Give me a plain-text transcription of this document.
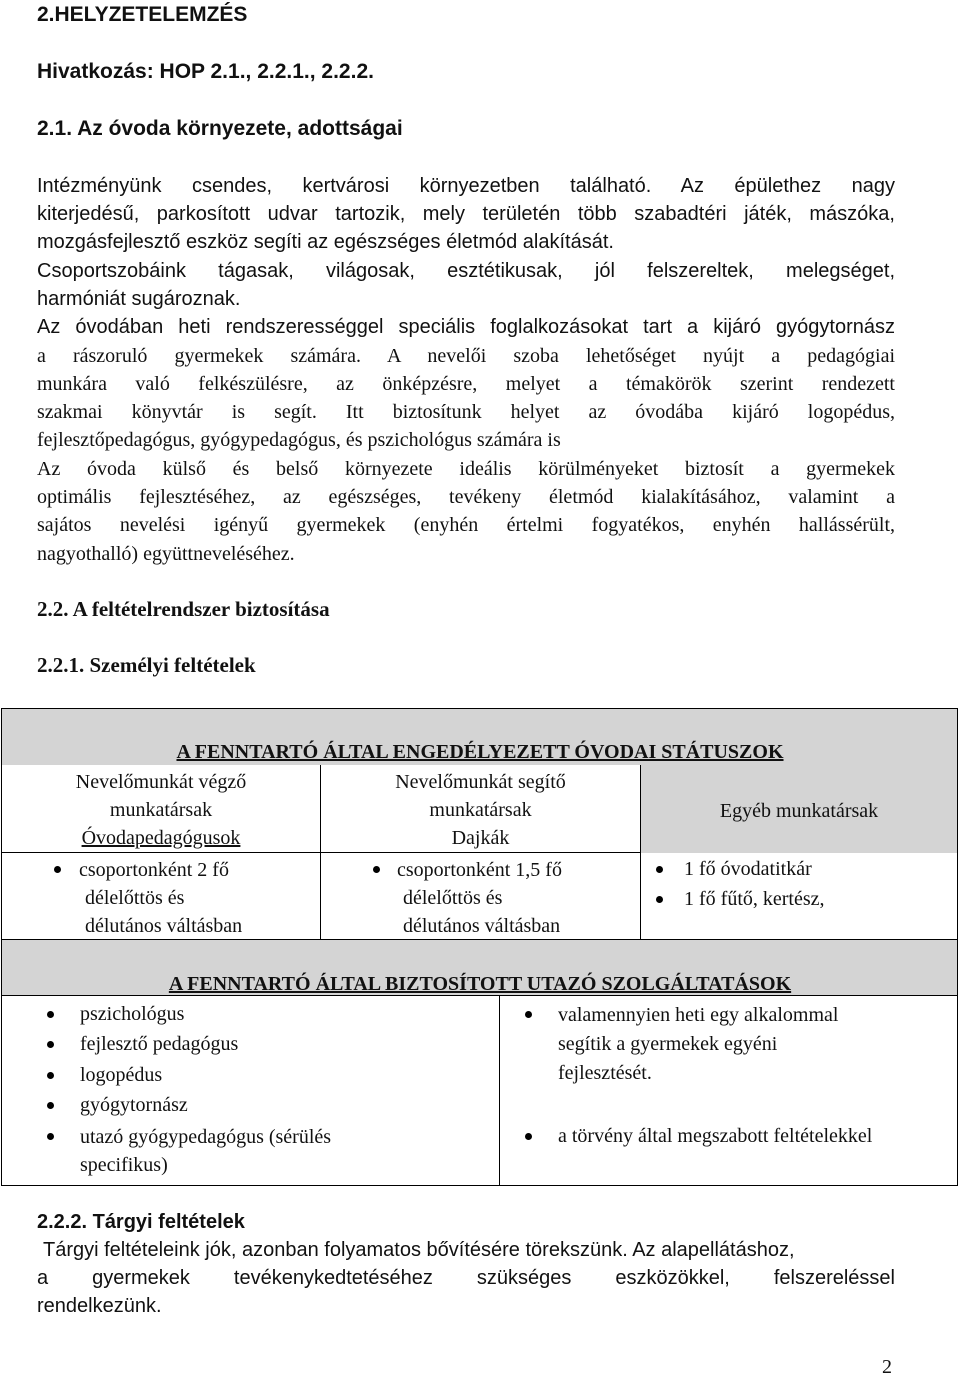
2.HELYZETELEMZÉS
Hivatkozás: HOP 2.1., 2.2.1., 2.2.2.
2.1. Az óvoda környezete, adottságai
Intézményünk csendes, kertvárosi környezetben található. Az épülethez nagy
kiterjedésű, parkosított udvar tartozik, mely területén több szabadtéri játék, mászóka,
mozgásfejlesztő eszköz segíti az egészséges életmód alakítását.
Csoportszobáink tágasak, világosak, esztétikusak, jól felszereltek, melegséget,
harmóniát sugároznak.
Az óvodában heti rendszerességgel speciális foglalkozásokat tart a kijáró gyógytornász
a rászoruló gyermekek számára. A nevelői szoba lehetőséget nyújt a pedagógiai
munkára való felkészülésre, az önképzésre, melyet a témakörök szerint rendezett
szakmai könyvtár is segít. Itt biztosítunk helyet az óvodába kijáró logopédus,
fejlesztőpedagógus, gyógypedagógus, és pszichológus számára is
Az óvoda külső és belső környezete ideális körülményeket biztosít a gyermekek
optimális fejlesztéséhez, az egészséges, tevékeny életmód kialakításához, valamint a
sajátos nevelési igényű gyermekek (enyhén értelmi fogyatékos, enyhén hallássérült,
nagyothalló) együttneveléséhez.
2.2. A feltételrendszer biztosítása
2.2.1. Személyi feltételek
A FENNTARTÓ ÁLTAL ENGEDÉLYEZETT ÓVODAI STÁTUSZOK
Nevelőmunkát végző
munkatársak
Óvodapedagógusok
Nevelőmunkát segítő
munkatársak
Dajkák
Egyéb munkatársak
csoportonként 2 fő
délelőttös és
délutános váltásban
csoportonként 1,5 fő
délelőttös és
délutános váltásban
1 fő óvodatitkár
1 fő fűtő, kertész,
A FENNTARTÓ ÁLTAL BIZTOSÍTOTT UTAZÓ SZOLGÁLTATÁSOK
pszichológus
fejlesztő pedagógus
logopédus
gyógytornász
utazó gyógypedagógus (sérülés
specifikus)
valamennyien heti egy alkalommal
segítik a gyermekek egyéni
fejlesztését.
a törvény által megszabott feltételekkel
2.2.2. Tárgyi feltételek
Tárgyi feltételeink jók, azonban folyamatos bővítésére törekszünk. Az alapellátáshoz,
a gyermekek tevékenykedtetéséhez szükséges eszközökkel, felszereléssel
rendelkezünk.
2
